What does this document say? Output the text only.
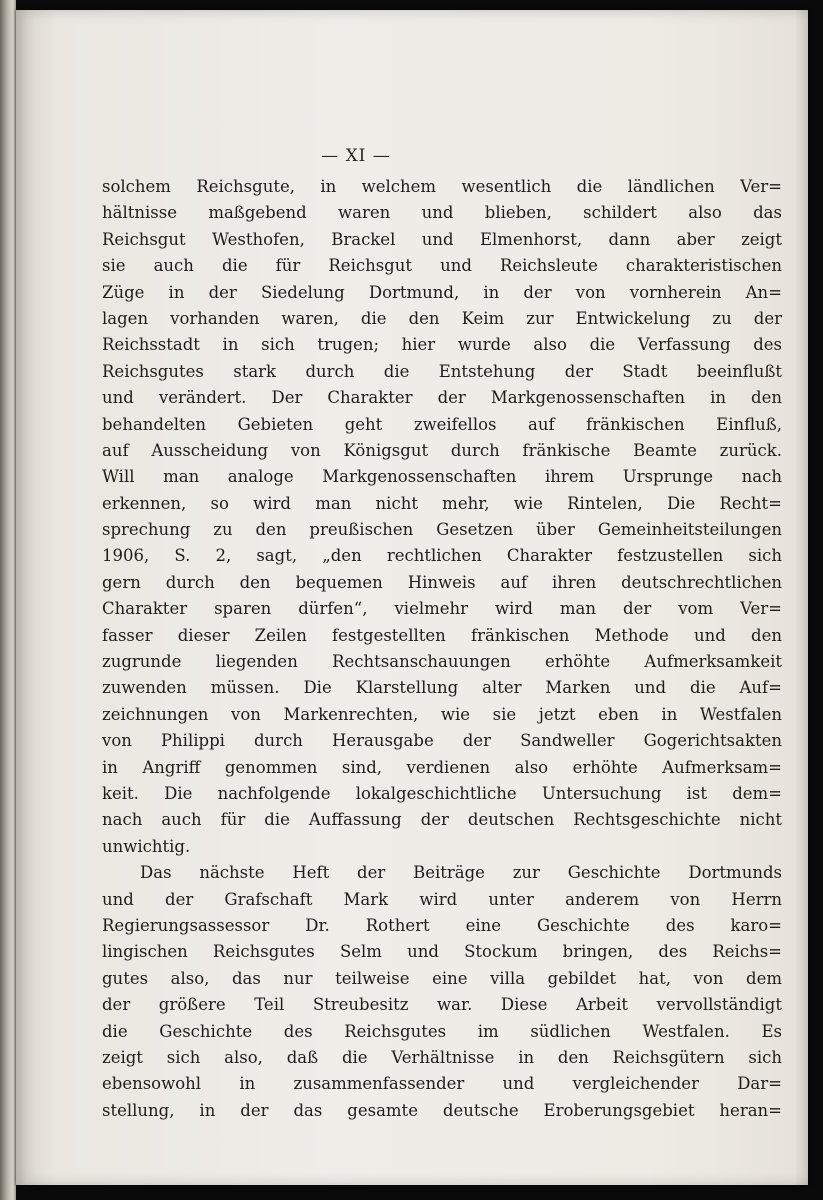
— XI —
solchem Reichsgute, in welchem wesentlich die ländlichen Ver=
hältnisse maßgebend waren und blieben, schildert also das
Reichsgut Westhofen, Brackel und Elmenhorst, dann aber zeigt
sie auch die für Reichsgut und Reichsleute charakteristischen
Züge in der Siedelung Dortmund, in der von vornherein An=
lagen vorhanden waren, die den Keim zur Entwickelung zu der
Reichsstadt in sich trugen; hier wurde also die Verfassung des
Reichsgutes stark durch die Entstehung der Stadt beeinflußt
und verändert. Der Charakter der Markgenossenschaften in den
behandelten Gebieten geht zweifellos auf fränkischen Einfluß,
auf Ausscheidung von Königsgut durch fränkische Beamte zurück.
Will man analoge Markgenossenschaften ihrem Ursprunge nach
erkennen, so wird man nicht mehr, wie Rintelen, Die Recht=
sprechung zu den preußischen Gesetzen über Gemeinheitsteilungen
1906, S. 2, sagt, „den rechtlichen Charakter festzustellen sich
gern durch den bequemen Hinweis auf ihren deutschrechtlichen
Charakter sparen dürfen“, vielmehr wird man der vom Ver=
fasser dieser Zeilen festgestellten fränkischen Methode und den
zugrunde liegenden Rechtsanschauungen erhöhte Aufmerksamkeit
zuwenden müssen. Die Klarstellung alter Marken und die Auf=
zeichnungen von Markenrechten, wie sie jetzt eben in Westfalen
von Philippi durch Herausgabe der Sandweller Gogerichtsakten
in Angriff genommen sind, verdienen also erhöhte Aufmerksam=
keit. Die nachfolgende lokalgeschichtliche Untersuchung ist dem=
nach auch für die Auffassung der deutschen Rechtsgeschichte nicht
unwichtig.
Das nächste Heft der Beiträge zur Geschichte Dortmunds
und der Grafschaft Mark wird unter anderem von Herrn
Regierungsassessor Dr. Rothert eine Geschichte des karo=
lingischen Reichsgutes Selm und Stockum bringen, des Reichs=
gutes also, das nur teilweise eine villa gebildet hat, von dem
der größere Teil Streubesitz war. Diese Arbeit vervollständigt
die Geschichte des Reichsgutes im südlichen Westfalen. Es
zeigt sich also, daß die Verhältnisse in den Reichsgütern sich
ebensowohl in zusammenfassender und vergleichender Dar=
stellung, in der das gesamte deutsche Eroberungsgebiet heran=
